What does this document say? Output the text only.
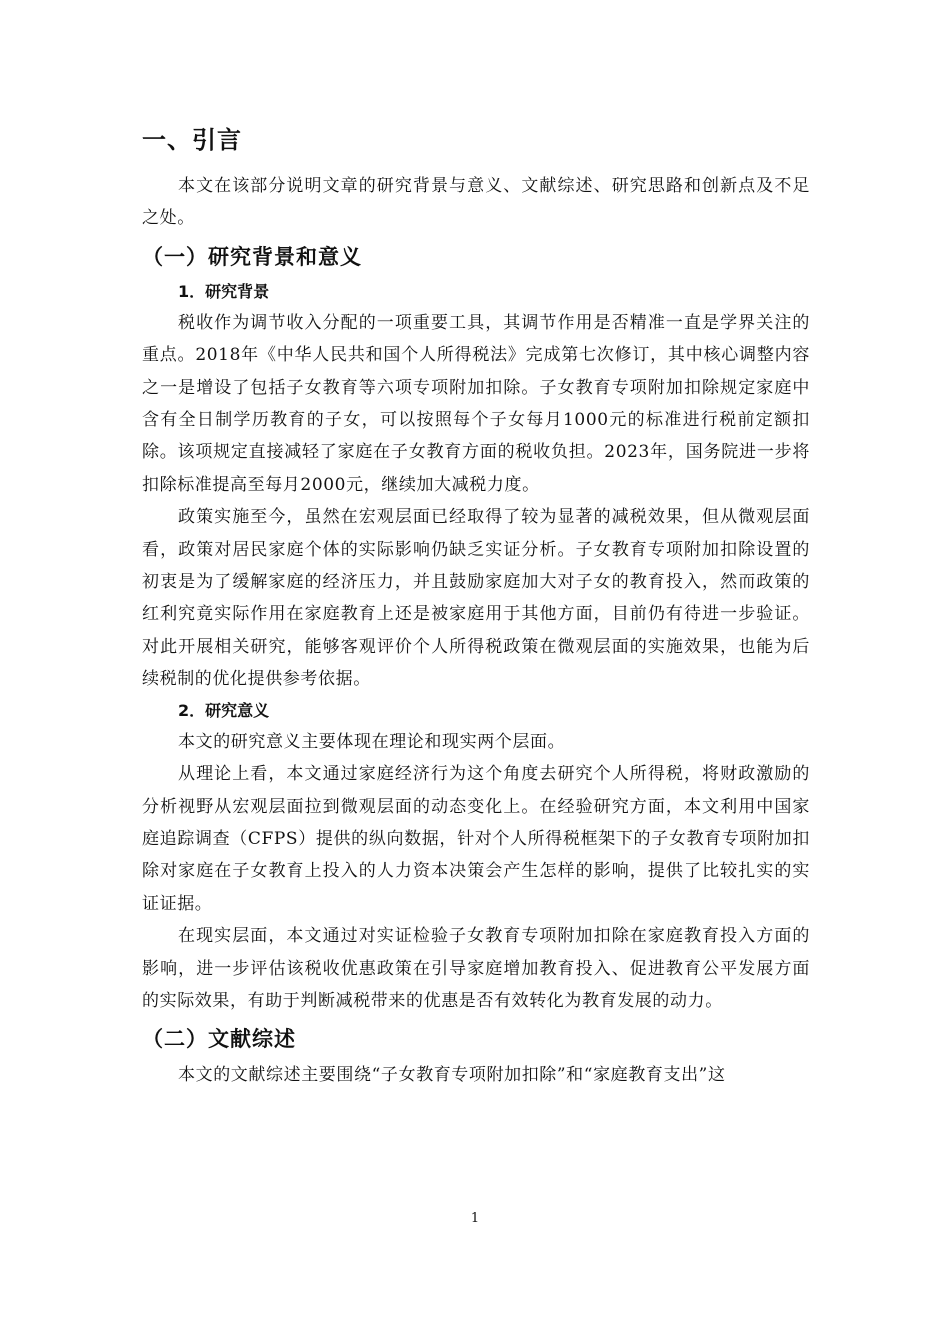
一、引言

本文在该部分说明文章的研究背景与意义、文献综述、研究思路和创新点及不足之处。

（一）研究背景和意义
1．研究背景

税收作为调节收入分配的一项重要工具，其调节作用是否精准一直是学界关注的重点。2018年《中华人民共和国个人所得税法》完成第七次修订，其中核心调整内容之一是增设了包括子女教育等六项专项附加扣除。子女教育专项附加扣除规定家庭中含有全日制学历教育的子女，可以按照每个子女每月1000元的标准进行税前定额扣除。该项规定直接减轻了家庭在子女教育方面的税收负担。2023年，国务院进一步将扣除标准提高至每月2000元，继续加大减税力度。

政策实施至今，虽然在宏观层面已经取得了较为显著的减税效果，但从微观层面看，政策对居民家庭个体的实际影响仍缺乏实证分析。子女教育专项附加扣除设置的初衷是为了缓解家庭的经济压力，并且鼓励家庭加大对子女的教育投入，然而政策的红利究竟实际作用在家庭教育上还是被家庭用于其他方面，目前仍有待进一步验证。对此开展相关研究，能够客观评价个人所得税政策在微观层面的实施效果，也能为后续税制的优化提供参考依据。

2．研究意义

本文的研究意义主要体现在理论和现实两个层面。

从理论上看，本文通过家庭经济行为这个角度去研究个人所得税，将财政激励的分析视野从宏观层面拉到微观层面的动态变化上。在经验研究方面，本文利用中国家庭追踪调查（CFPS）提供的纵向数据，针对个人所得税框架下的子女教育专项附加扣除对家庭在子女教育上投入的人力资本决策会产生怎样的影响，提供了比较扎实的实证证据。

在现实层面，本文通过对实证检验子女教育专项附加扣除在家庭教育投入方面的影响，进一步评估该税收优惠政策在引导家庭增加教育投入、促进教育公平发展方面的实际效果，有助于判断减税带来的优惠是否有效转化为教育发展的动力。

（二）文献综述

本文的文献综述主要围绕“子女教育专项附加扣除”和“家庭教育支出”这

1
